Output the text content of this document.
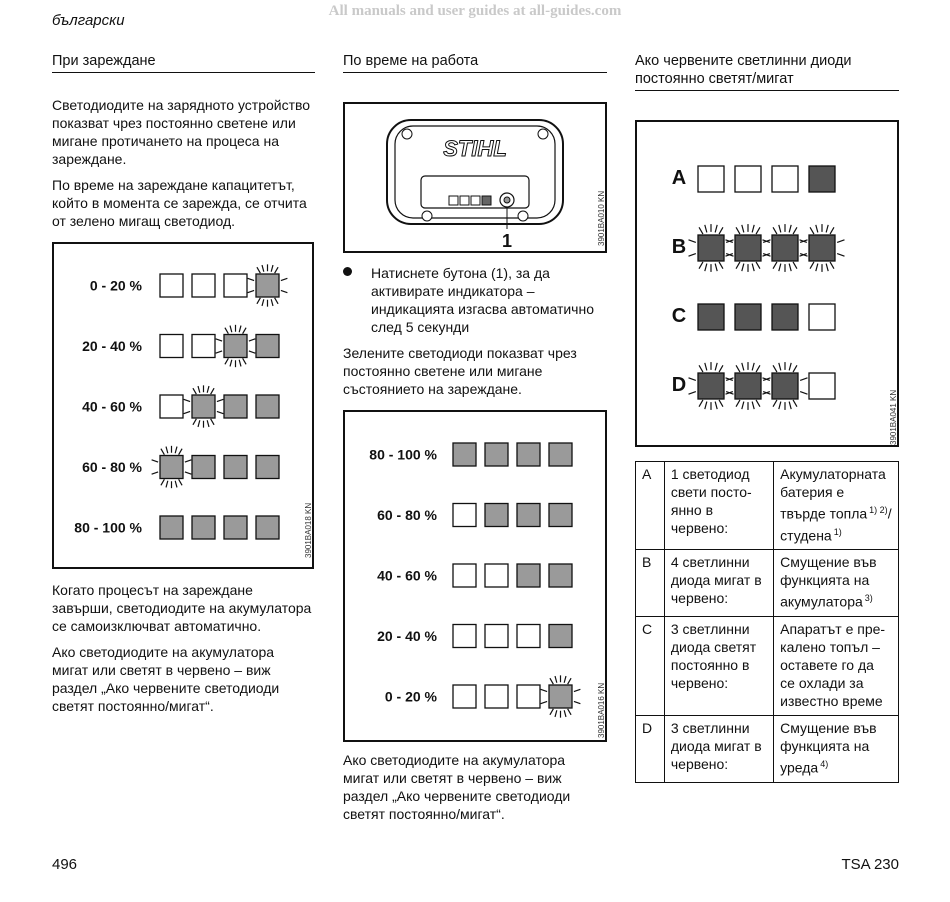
All manuals and user guides at all-guides.com
български
При зареждане

Светодиодите на зарядното устройство показват чрез постоянно светене или мигане протичането на процеса на зареждане.

По време на зареждане капацитетът, който в момента се зарежда, се отчита от зелено мигащ светодиод.

0 - 20 %
20 - 40 %
40 - 60 %
60 - 80 %
80 - 100 %	3901BA018 KN

Когато процесът на зареждане завърши, светодиодите на акумулатора се самоизключват автоматично.

Ако светодиодите на акумулатора мигат или светят в червено – виж раздел „Ако червените светодиоди светят постоянно/мигат“.

По време на работа
STIHL
1	3901BA010 KN
Натиснете бутона (1), за да активирате индикатора – индикацията изгасва автоматично след 5 секунди

Зелените светодиоди показват чрез постоянно светене или мигане състоянието на зареждане.

80 - 100 %
60 - 80 %
40 - 60 %
20 - 40 %
0 - 20 %	3901BA016 KN

Ако светодиодите на акумулатора мигат или светят в червено – виж раздел „Ако червените светодиоди светят постоянно/мигат“.

Ако червените светлинни диоди постоянно светят/мигат
A
B
C
D
3901BA041 KN
A	1 светодиод свети посто-янно в червено:	Акумулаторната батерия е твърде топла $^{1) 2)}$/студена $^{1)}$
B	4 светлинни диода мигат в червено:	Смущение във функцията на акумулатора $^{3)}$
C	3 светлинни диода светят постоянно в червено:	Апаратът е пре-калено топъл – оставете го да се охлади за известно време
D	3 светлинни диода мигат в червено:	Смущение във функцията на уреда $^{4)}$
496	TSA 230
